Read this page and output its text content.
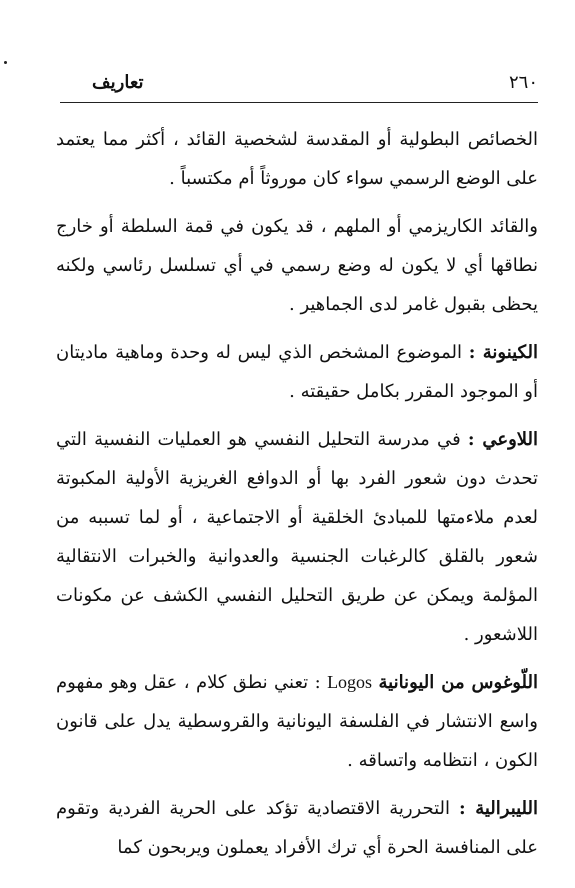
٢٦٠
تعاريف

الخصائص البطولية أو المقدسة لشخصية القائد ، أكثر مما يعتمد على الوضع الرسمي سواء كان موروثاً أم مكتسباً .

والقائد الكاريزمي أو الملهم ، قد يكون في قمة السلطة أو خارج نطاقها أي لا يكون له وضع رسمي في أي تسلسل رئاسي ولكنه يحظى بقبول غامر لدى الجماهير .

الكينونة : الموضوع المشخص الذي ليس له وحدة وماهية ماديتان أو الموجود المقرر بكامل حقيقته .

اللاوعي : في مدرسة التحليل النفسي هو العمليات النفسية التي تحدث دون شعور الفرد بها أو الدوافع الغريزية الأولية المكبوتة لعدم ملاءمتها للمبادئ الخلقية أو الاجتماعية ، أو لما تسببه من شعور بالقلق كالرغبات الجنسية والعدوانية والخبرات الانتقالية المؤلمة ويمكن عن طريق التحليل النفسي الكشف عن مكونات اللاشعور .

اللّوغوس من اليونانية Logos : تعني نطق كلام ، عقل وهو مفهوم واسع الانتشار في الفلسفة اليونانية والقروسطية يدل على قانون الكون ، انتظامه واتساقه .

الليبرالية : التحررية الاقتصادية تؤكد على الحرية الفردية وتقوم على المنافسة الحرة أي ترك الأفراد يعملون ويربحون كما
